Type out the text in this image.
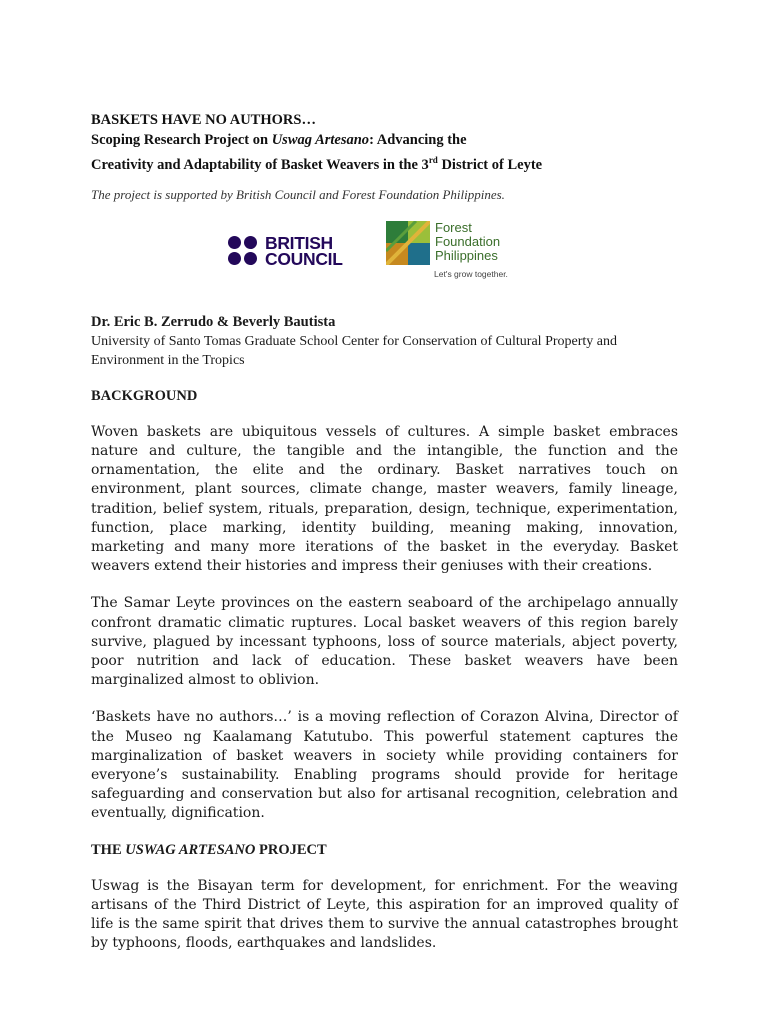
BASKETS HAVE NO AUTHORS…
Scoping Research Project on Uswag Artesano: Advancing the
Creativity and Adaptability of Basket Weavers in the 3rd District of Leyte
The project is supported by British Council and Forest Foundation Philippines.
BRITISH
COUNCIL
Forest
Foundation
Philippines
Let's grow together.
Dr. Eric B. Zerrudo & Beverly Bautista
University of Santo Tomas Graduate School Center for Conservation of Cultural Property and Environment in the Tropics
BACKGROUND

Woven baskets are ubiquitous vessels of cultures. A simple basket embraces nature and culture, the tangible and the intangible, the function and the ornamentation, the elite and the ordinary. Basket narratives touch on environment, plant sources, climate change, master weavers, family lineage, tradition, belief system, rituals, preparation, design, technique, experimentation, function, place marking, identity building, meaning making, innovation, marketing and many more iterations of the basket in the everyday. Basket weavers extend their histories and impress their geniuses with their creations.

The Samar Leyte provinces on the eastern seaboard of the archipelago annually confront dramatic climatic ruptures. Local basket weavers of this region barely survive, plagued by incessant typhoons, loss of source materials, abject poverty, poor nutrition and lack of education. These basket weavers have been marginalized almost to oblivion.

‘Baskets have no authors…’ is a moving reflection of Corazon Alvina, Director of the Museo ng Kaalamang Katutubo. This powerful statement captures the marginalization of basket weavers in society while providing containers for everyone’s sustainability. Enabling programs should provide for heritage safeguarding and conservation but also for artisanal recognition, celebration and eventually, dignification.

THE USWAG ARTESANO PROJECT

Uswag is the Bisayan term for development, for enrichment. For the weaving artisans of the Third District of Leyte, this aspiration for an improved quality of life is the same spirit that drives them to survive the annual catastrophes brought by typhoons, floods, earthquakes and landslides.
